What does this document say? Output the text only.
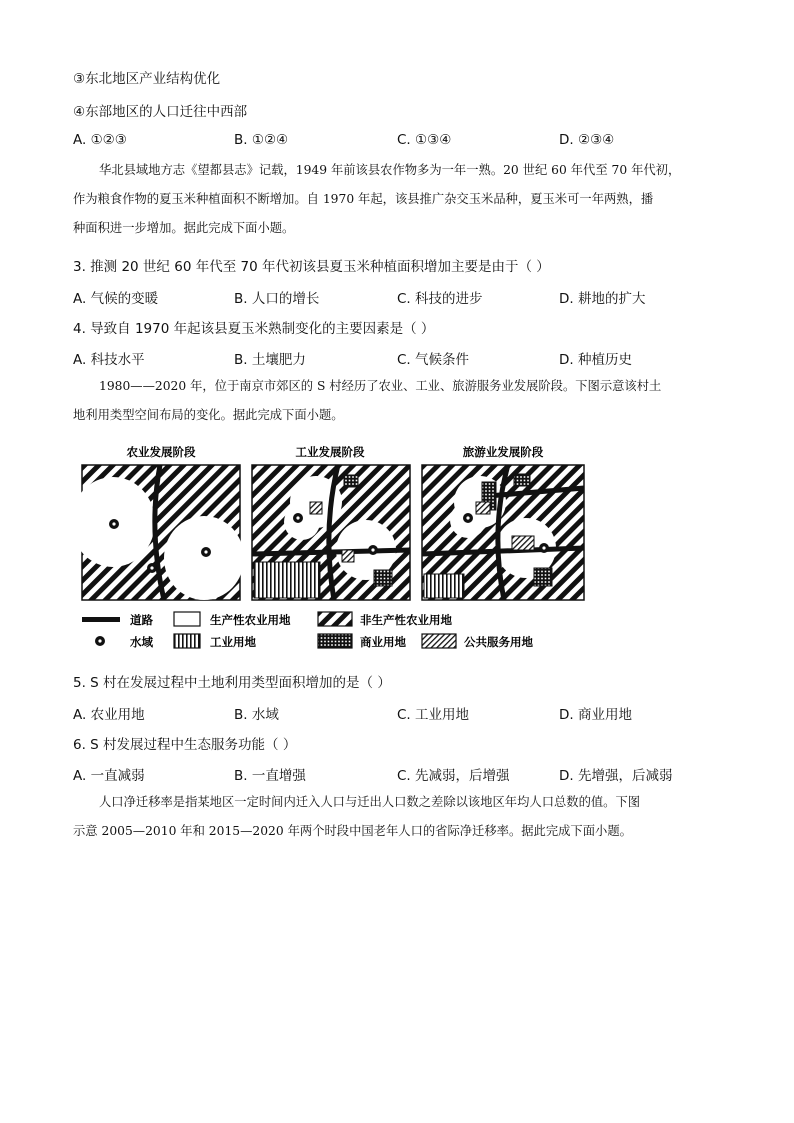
③东北地区产业结构优化
④东部地区的人口迁往中西部
A. ①②③	B. ①②④	C. ①③④	D. ②③④
华北县域地方志《望都县志》记载，1949 年前该县农作物多为一年一熟。20 世纪 60 年代至 70 年代初，
作为粮食作物的夏玉米种植面积不断增加。自 1970 年起，该县推广杂交玉米品种，夏玉米可一年两熟，播
种面积进一步增加。据此完成下面小题。
3. 推测 20 世纪 60 年代至 70 年代初该县夏玉米种植面积增加主要是由于（ ）
A. 气候的变暖	B. 人口的增长	C. 科技的进步	D. 耕地的扩大
4. 导致自 1970 年起该县夏玉米熟制变化的主要因素是（ ）
A. 科技水平	B. 土壤肥力	C. 气候条件	D. 种植历史
1980——2020 年，位于南京市郊区的 S 村经历了农业、工业、旅游服务业发展阶段。下图示意该村土
地利用类型空间布局的变化。据此完成下面小题。
农业发展阶段	工业发展阶段	旅游业发展阶段
道路	生产性农业用地	非生产性农业用地
水域	工业用地	商业用地	公共服务用地
5. S 村在发展过程中土地利用类型面积增加的是（ ）
A. 农业用地	B. 水域	C. 工业用地	D. 商业用地
6. S 村发展过程中生态服务功能（ ）
A. 一直减弱	B. 一直增强	C. 先减弱，后增强	D. 先增强，后减弱
人口净迁移率是指某地区一定时间内迁入人口与迁出人口数之差除以该地区年均人口总数的值。下图
示意 2005—2010 年和 2015—2020 年两个时段中国老年人口的省际净迁移率。据此完成下面小题。
